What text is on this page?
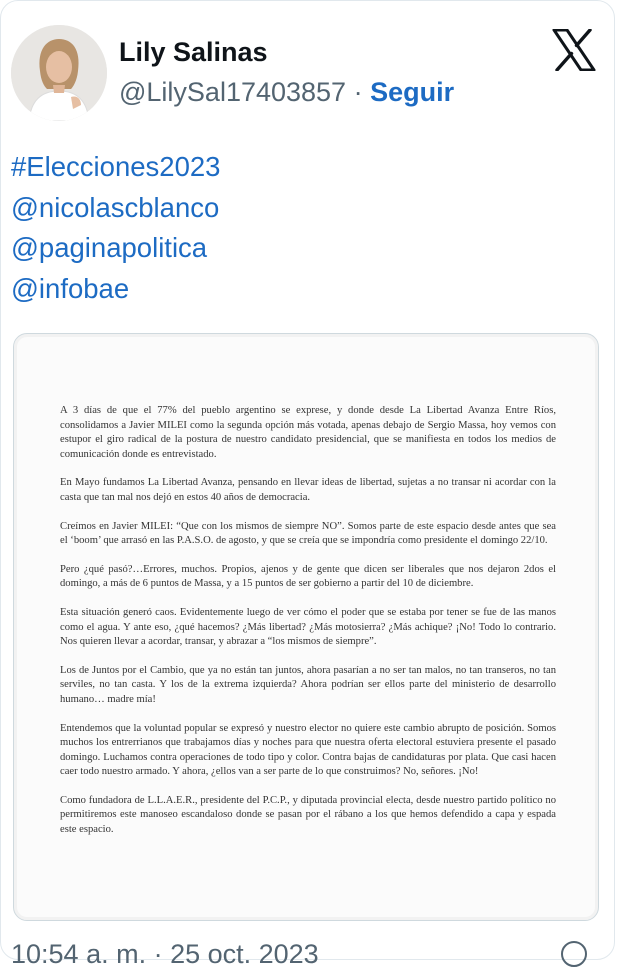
Lily Salinas
@LilySal17403857 · Seguir
#Elecciones2023
@nicolascblanco
@paginapolitica
@infobae

A 3 días de que el 77% del pueblo argentino se exprese, y donde desde La Libertad Avanza Entre Ríos, consolidamos a Javier MILEI como la segunda opción más votada, apenas debajo de Sergio Massa, hoy vemos con estupor el giro radical de la postura de nuestro candidato presidencial, que se manifiesta en todos los medios de comunicación donde es entrevistado.

En Mayo fundamos La Libertad Avanza, pensando en llevar ideas de libertad, sujetas a no transar ni acordar con la casta que tan mal nos dejó en estos 40 años de democracia.

Creímos en Javier MILEI: “Que con los mismos de siempre NO”. Somos parte de este espacio desde antes que sea el ‘boom’ que arrasó en las P.A.S.O. de agosto, y que se creía que se impondría como presidente el domingo 22/10.

Pero ¿qué pasó?…Errores, muchos. Propios, ajenos y de gente que dicen ser liberales que nos dejaron 2dos el domingo, a más de 6 puntos de Massa, y a 15 puntos de ser gobierno a partir del 10 de diciembre.

Esta situación generó caos. Evidentemente luego de ver cómo el poder que se estaba por tener se fue de las manos como el agua. Y ante eso, ¿qué hacemos? ¿Más libertad? ¿Más motosierra? ¿Más achique? ¡No! Todo lo contrario. Nos quieren llevar a acordar, transar, y abrazar a “los mismos de siempre”.

Los de Juntos por el Cambio, que ya no están tan juntos, ahora pasarían a no ser tan malos, no tan transeros, no tan serviles, no tan casta. Y los de la extrema izquierda? Ahora podrían ser ellos parte del ministerio de desarrollo humano… madre mía!

Entendemos que la voluntad popular se expresó y nuestro elector no quiere este cambio abrupto de posición. Somos muchos los entrerrianos que trabajamos días y noches para que nuestra oferta electoral estuviera presente el pasado domingo. Luchamos contra operaciones de todo tipo y color. Contra bajas de candidaturas por plata. Que casi hacen caer todo nuestro armado. Y ahora, ¿ellos van a ser parte de lo que construimos? No, señores. ¡No!

Como fundadora de L.L.A.E.R., presidente del P.C.P., y diputada provincial electa, desde nuestro partido político no permitiremos este manoseo escandaloso donde se pasan por el rábano a los que hemos defendido a capa y espada este espacio.

10:54 a. m. · 25 oct. 2023
